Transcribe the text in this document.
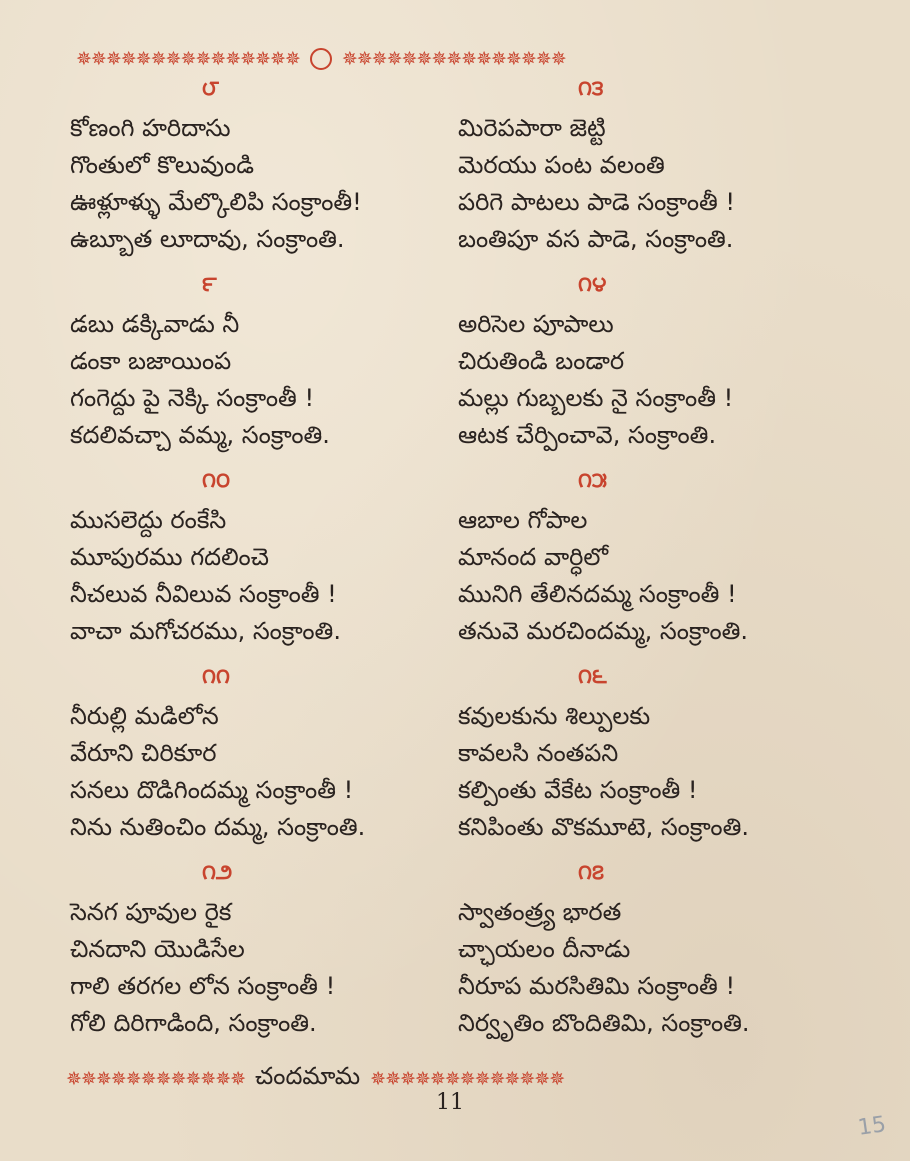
✵✵✵✵✵✵✵✵✵✵✵✵✵✵✵ ✵✵✵✵✵✵✵✵✵✵✵✵✵✵✵
౮
కోణంగి హరిదాసు
గొంతులో కొలువుండి
ఊళ్లూళ్ళు మేల్కొలిపి సంక్రాంతీ!
ఉబ్బూత లూదావు, సంక్రాంతి.
౯
డబు డక్కివాడు నీ
డంకా బజాయింప
గంగెద్దు పై నెక్కి సంక్రాంతీ !
కదలివచ్చా వమ్మ, సంక్రాంతి.
౧౦
ముసలెద్దు రంకేసి
మూపురము గదలించె
నీచలువ నీవిలువ సంక్రాంతీ !
వాచా మగోచరము, సంక్రాంతి.
౧౧
నీరుల్లి మడిలోన
వేరూని చిరికూర
సనలు దొడిగిందమ్మ సంక్రాంతీ !
నిను నుతించిం దమ్మ, సంక్రాంతి.
౧౨
సెనగ పూవుల రైక
చినదాని యొడిసేల
గాలి తరగల లోన సంక్రాంతీ !
గోలి దిరిగాడింది, సంక్రాంతి.
౧౩
మిరెపపారా జెట్టి
మెరయు పంట వలంతి
పరిగె పాటలు పాడె సంక్రాంతీ !
బంతిపూ వస పాడె, సంక్రాంతి.
౧౪
అరిసెల పూపాలు
చిరుతిండి బండార
మల్లు గుబ్బలకు నై సంక్రాంతీ !
ఆటక చేర్పించావె, సంక్రాంతి.
౧౫
ఆబాల గోపాల
మానంద వార్ధిలో
మునిగి తేలినదమ్మ సంక్రాంతీ !
తనువె మరచిందమ్మ, సంక్రాంతి.
౧౬
కవులకును శిల్పులకు
కావలసి నంతపని
కల్పింతు వేకేట సంక్రాంతీ !
కనిపింతు వొకమూటె, సంక్రాంతి.
౧౭
స్వాతంత్ర్య భారత
చ్ఛాయలం దీనాడు
నీరూప మరసితిమి సంక్రాంతీ !
నిర్వృతిం బొందితిమి, సంక్రాంతి.
✵✵✵✵✵✵✵✵✵✵✵✵ చందమామ ✵✵✵✵✵✵✵✵✵✵✵✵✵
11
15
